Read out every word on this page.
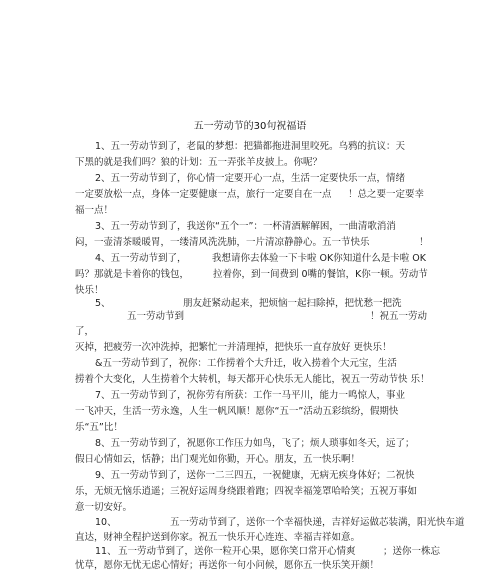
五一劳动节的30句祝福语
1、五一劳动节到了，老鼠的梦想：把猫都拖进洞里咬死。乌鸦的抗议：天
下黑的就是我们吗？狼的计划：五一弄张羊皮披上。你呢？
2、五一劳动节到了，你心情一定要开心一点，生活一定要快乐一点，情绪
一定要放松一点，身体一定要健康一点，旅行一定要自在一点 ！总之要一定要幸
福一点！
3、五一劳动节到了，我送你“五个一”：一杯清酒解解困，一曲清歌消消
闷，一壶清茶暖暖胃，一缕清风洗洗肺，一片清凉静静心。五一节快乐	！
4、五一劳动节到了，	我想请你去体验一下卡啦 OK你知道什么是卡啦 OK
吗？那就是卡着你的钱包，	拉着你，到一间费到 0嘴的餐馆，K你一顿。劳动节
快乐！
5、	朋友赶紧动起来，把烦恼一起扫除掉，把忧愁一把洗
五一劳动节到	！祝五一劳动
了，
灭掉，把疲劳一次冲洗掉，把繁忙一并清理掉，把快乐一直存放好 更快乐！
&五一劳动节到了，祝你：工作捞着个大升迁，收入捞着个大元宝，生活
捞着个大变化，人生捞着个大转机，每天都开心快乐无人能比，祝五一劳动节快 乐！
7、五一劳动节到了，祝你劳有所获：工作一马平川，能力一鸣惊人，事业
一飞冲天，生活一劳永逸，人生一帆风顺！愿你“五一”活动五彩缤纷，假期快
乐“五”比！
8、五一劳动节到了，祝愿你工作压力如鸟，飞了；烦人琐事如冬天，远了；
假日心情如云，恬静；出门观光如你勤，开心。朋友，五一快乐啊！
9、五一劳动节到了，送你一二三四五，一祝健康，无病无疾身体好；二祝快
乐，无烦无恼乐逍遥；三祝好运周身绕跟着跑；四祝幸福笼罩哈哈笑；五祝万事如
意一切安好。
10、	五一劳动节到了，送你一个幸福快递，吉祥好运做芯装满，阳光快车道
直达，财神全程护送到你家。祝五一快乐开心连连、幸福吉祥如意。
11、 五一劳动节到了，送你一粒开心果，愿你笑口常开心情爽	；送你一株忘
忧草，愿你无忧无虑心情好；再送你一句小问候，愿你五一快乐笑开颜！
